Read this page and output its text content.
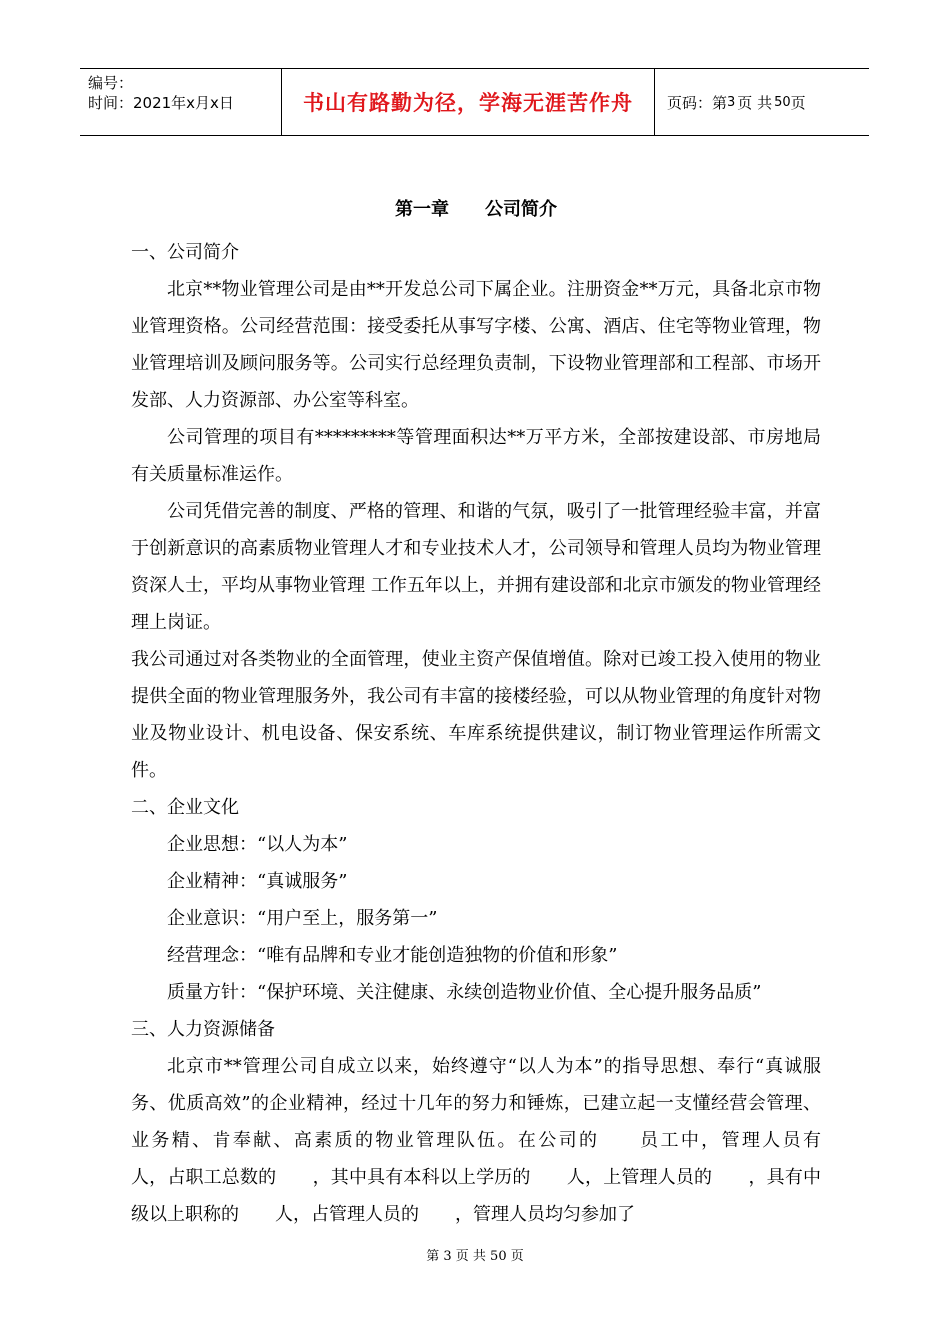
编号：
时间：2021年x月x日	书山有路勤为径，学海无涯苦作舟	页码：第 3 页 共 50 页
第一章　　公司简介
一、公司简介

北京**物业管理公司是由**开发总公司下属企业。注册资金**万元，具备北京市物业管理资格。公司经营范围：接受委托从事写字楼、公寓、酒店、住宅等物业管理，物业管理培训及顾问服务等。公司实行总经理负责制，下设物业管理部和工程部、市场开发部、人力资源部、办公室等科室。

公司管理的项目有*********等管理面积达**万平方米，全部按建设部、市房地局有关质量标准运作。

公司凭借完善的制度、严格的管理、和谐的气氛，吸引了一批管理经验丰富，并富于创新意识的高素质物业管理人才和专业技术人才，公司领导和管理人员均为物业管理资深人士，平均从事物业管理 工作五年以上，并拥有建设部和北京市颁发的物业管理经理上岗证。

我公司通过对各类物业的全面管理，使业主资产保值增值。除对已竣工投入使用的物业提供全面的物业管理服务外，我公司有丰富的接楼经验，可以从物业管理的角度针对物业及物业设计、机电设备、保安系统、车库系统提供建议，制订物业管理运作所需文件。

二、企业文化
企业思想：“以人为本”
企业精神：“真诚服务”
企业意识：“用户至上，服务第一”
经营理念：“唯有品牌和专业才能创造独物的价值和形象”
质量方针：“保护环境、关注健康、永续创造物业价值、全心提升服务品质”
三、人力资源储备

北京市**管理公司自成立以来，始终遵守“以人为本”的指导思想、奉行“真诚服务、优质高效”的企业精神，经过十几年的努力和锤炼，已建立起一支懂经营会管理、业务精、肯奉献、高素质的物业管理队伍。在公司的　　员工中，管理人员有　　　人，占职工总数的　　，其中具有本科以上学历的　　人，上管理人员的　　，具有中级以上职称的　　人，占管理人员的　　，管理人员均匀参加了

第 3 页 共 50 页
